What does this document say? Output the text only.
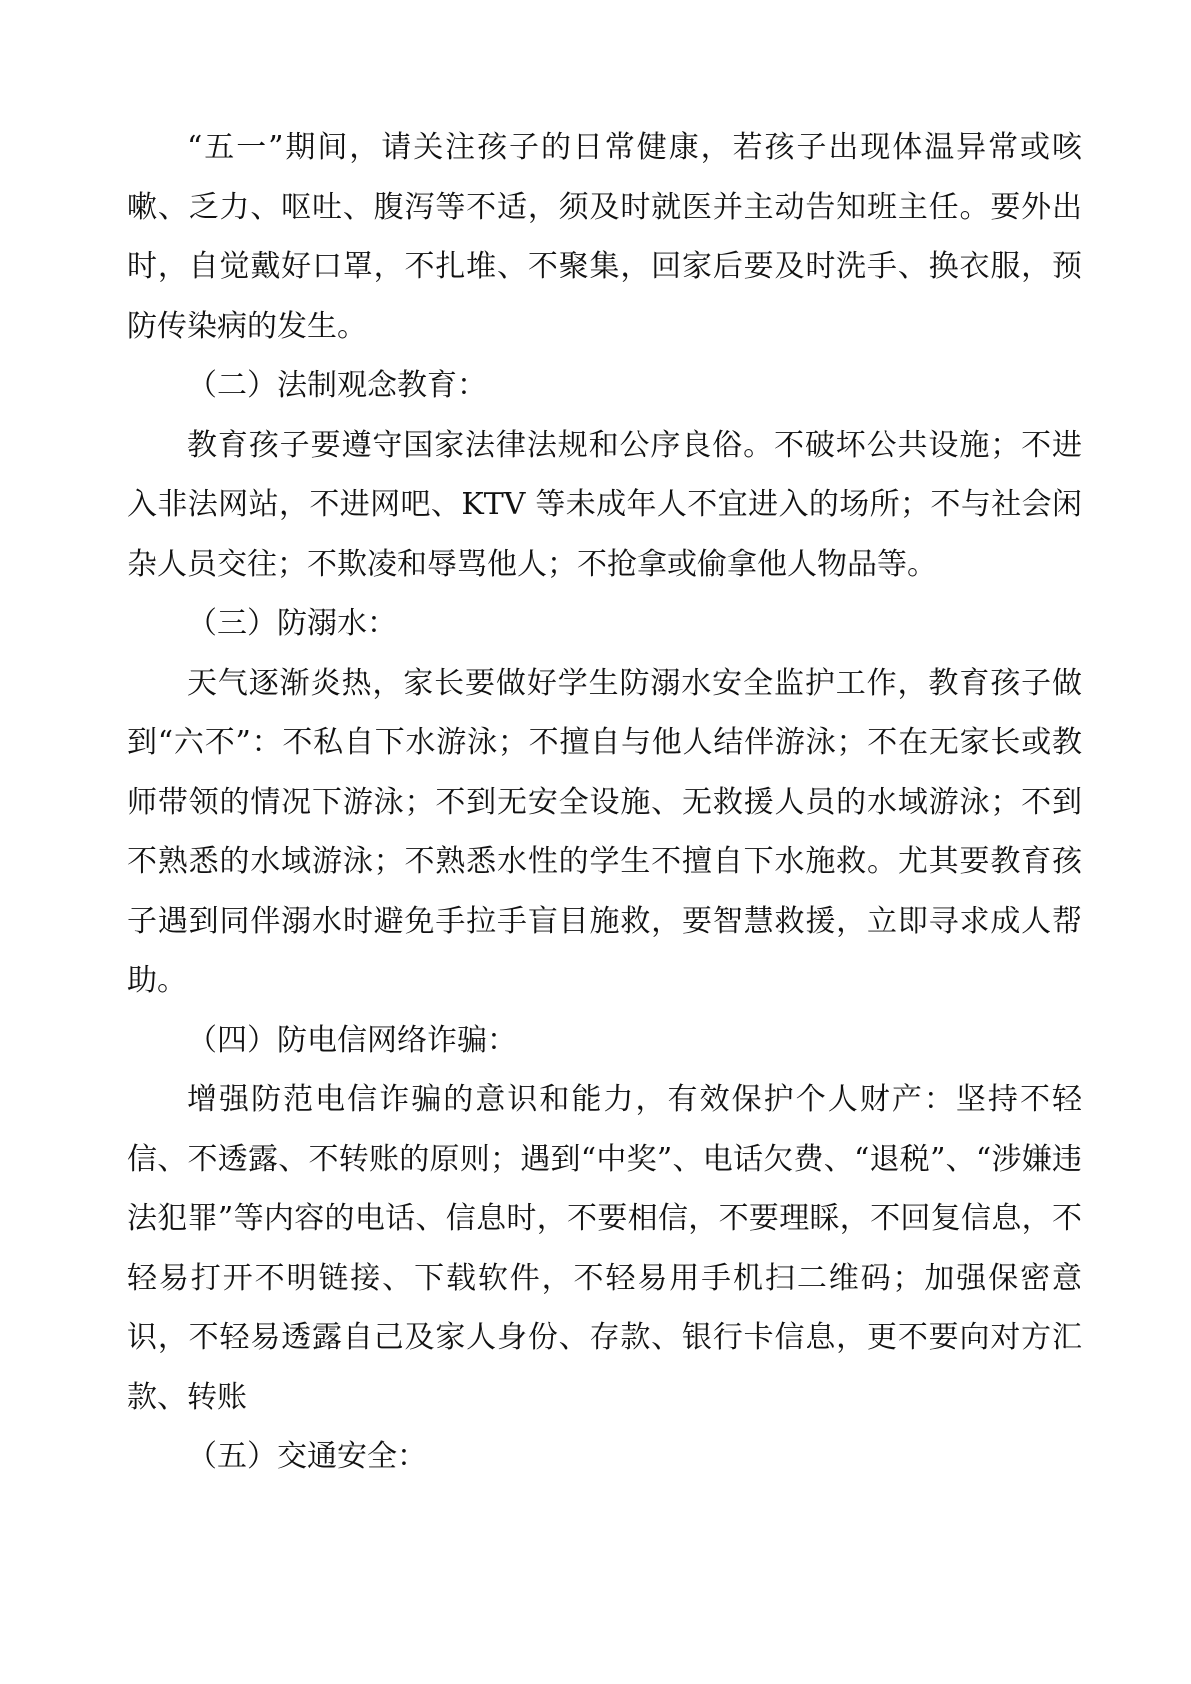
“五一”期间，请关注孩子的日常健康，若孩子出现体温异常或咳嗽、乏力、呕吐、腹泻等不适，须及时就医并主动告知班主任。要外出时，自觉戴好口罩，不扎堆、不聚集，回家后要及时洗手、换衣服，预防传染病的发生。

（二）法制观念教育：

教育孩子要遵守国家法律法规和公序良俗。不破坏公共设施；不进入非法网站，不进网吧、KTV 等未成年人不宜进入的场所；不与社会闲杂人员交往；不欺凌和辱骂他人；不抢拿或偷拿他人物品等。

（三）防溺水：

天气逐渐炎热，家长要做好学生防溺水安全监护工作，教育孩子做到“六不”：不私自下水游泳；不擅自与他人结伴游泳；不在无家长或教师带领的情况下游泳；不到无安全设施、无救援人员的水域游泳；不到不熟悉的水域游泳；不熟悉水性的学生不擅自下水施救。尤其要教育孩子遇到同伴溺水时避免手拉手盲目施救，要智慧救援，立即寻求成人帮助。

（四）防电信网络诈骗：

增强防范电信诈骗的意识和能力，有效保护个人财产：坚持不轻信、不透露、不转账的原则；遇到“中奖”、电话欠费、“退税”、“涉嫌违法犯罪”等内容的电话、信息时，不要相信，不要理睬，不回复信息，不轻易打开不明链接、下载软件，不轻易用手机扫二维码；加强保密意识，不轻易透露自己及家人身份、存款、银行卡信息，更不要向对方汇款、转账

（五）交通安全：
